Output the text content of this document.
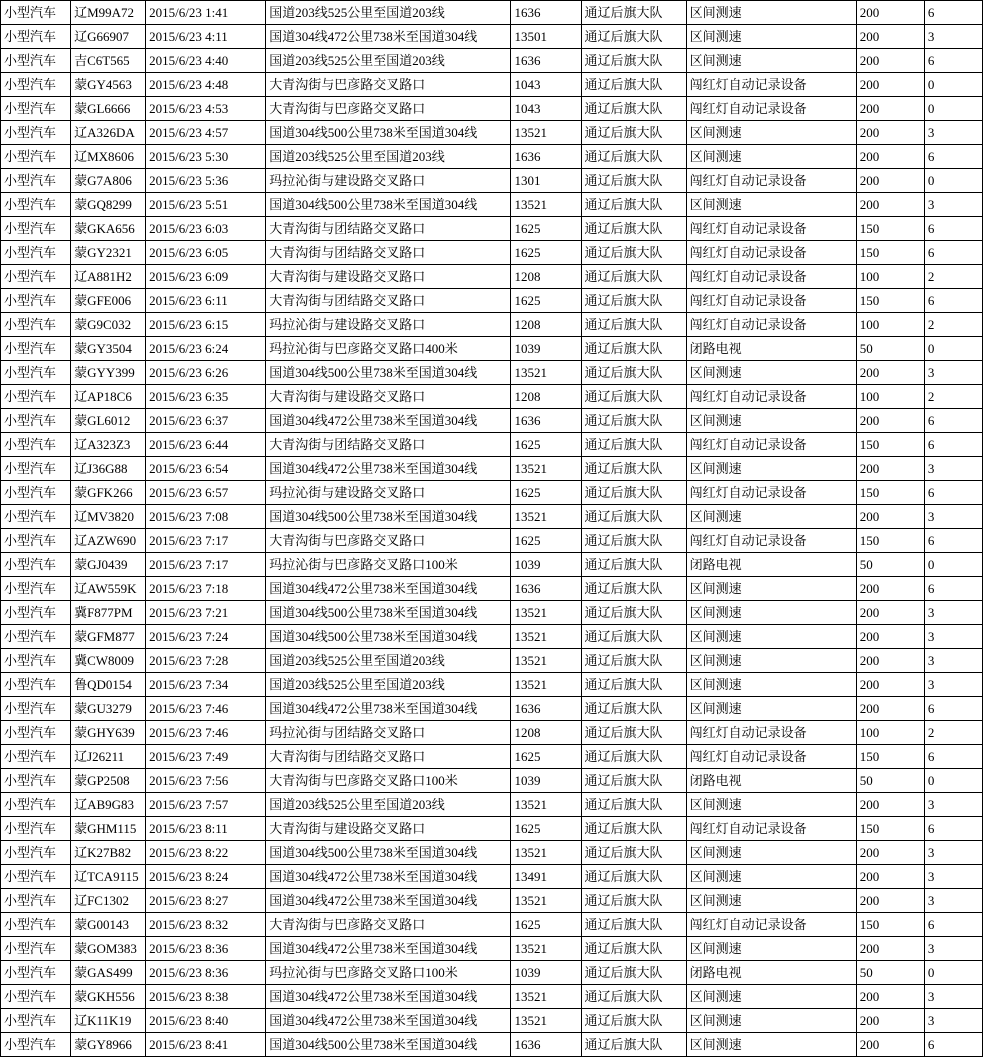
小型汽车	辽M99A72	2015/6/23 1:41	国道203线525公里至国道203线	1636	通辽后旗大队	区间测速	200	6
小型汽车	辽G66907	2015/6/23 4:11	国道304线472公里738米至国道304线	13501	通辽后旗大队	区间测速	200	3
小型汽车	吉C6T565	2015/6/23 4:40	国道203线525公里至国道203线	1636	通辽后旗大队	区间测速	200	6
小型汽车	蒙GY4563	2015/6/23 4:48	大青沟街与巴彦路交叉路口	1043	通辽后旗大队	闯红灯自动记录设备	200	0
小型汽车	蒙GL6666	2015/6/23 4:53	大青沟街与巴彦路交叉路口	1043	通辽后旗大队	闯红灯自动记录设备	200	0
小型汽车	辽A326DA	2015/6/23 4:57	国道304线500公里738米至国道304线	13521	通辽后旗大队	区间测速	200	3
小型汽车	辽MX8606	2015/6/23 5:30	国道203线525公里至国道203线	1636	通辽后旗大队	区间测速	200	6
小型汽车	蒙G7A806	2015/6/23 5:36	玛拉沁街与建设路交叉路口	1301	通辽后旗大队	闯红灯自动记录设备	200	0
小型汽车	蒙GQ8299	2015/6/23 5:51	国道304线500公里738米至国道304线	13521	通辽后旗大队	区间测速	200	3
小型汽车	蒙GKA656	2015/6/23 6:03	大青沟街与团结路交叉路口	1625	通辽后旗大队	闯红灯自动记录设备	150	6
小型汽车	蒙GY2321	2015/6/23 6:05	大青沟街与团结路交叉路口	1625	通辽后旗大队	闯红灯自动记录设备	150	6
小型汽车	辽A881H2	2015/6/23 6:09	大青沟街与建设路交叉路口	1208	通辽后旗大队	闯红灯自动记录设备	100	2
小型汽车	蒙GFE006	2015/6/23 6:11	大青沟街与团结路交叉路口	1625	通辽后旗大队	闯红灯自动记录设备	150	6
小型汽车	蒙G9C032	2015/6/23 6:15	玛拉沁街与建设路交叉路口	1208	通辽后旗大队	闯红灯自动记录设备	100	2
小型汽车	蒙GY3504	2015/6/23 6:24	玛拉沁街与巴彦路交叉路口400米	1039	通辽后旗大队	闭路电视	50	0
小型汽车	蒙GYY399	2015/6/23 6:26	国道304线500公里738米至国道304线	13521	通辽后旗大队	区间测速	200	3
小型汽车	辽AP18C6	2015/6/23 6:35	大青沟街与建设路交叉路口	1208	通辽后旗大队	闯红灯自动记录设备	100	2
小型汽车	蒙GL6012	2015/6/23 6:37	国道304线472公里738米至国道304线	1636	通辽后旗大队	区间测速	200	6
小型汽车	辽A323Z3	2015/6/23 6:44	大青沟街与团结路交叉路口	1625	通辽后旗大队	闯红灯自动记录设备	150	6
小型汽车	辽J36G88	2015/6/23 6:54	国道304线472公里738米至国道304线	13521	通辽后旗大队	区间测速	200	3
小型汽车	蒙GFK266	2015/6/23 6:57	玛拉沁街与建设路交叉路口	1625	通辽后旗大队	闯红灯自动记录设备	150	6
小型汽车	辽MV3820	2015/6/23 7:08	国道304线500公里738米至国道304线	13521	通辽后旗大队	区间测速	200	3
小型汽车	辽AZW690	2015/6/23 7:17	大青沟街与巴彦路交叉路口	1625	通辽后旗大队	闯红灯自动记录设备	150	6
小型汽车	蒙GJ0439	2015/6/23 7:17	玛拉沁街与巴彦路交叉路口100米	1039	通辽后旗大队	闭路电视	50	0
小型汽车	辽AW559K	2015/6/23 7:18	国道304线472公里738米至国道304线	1636	通辽后旗大队	区间测速	200	6
小型汽车	冀F877PM	2015/6/23 7:21	国道304线500公里738米至国道304线	13521	通辽后旗大队	区间测速	200	3
小型汽车	蒙GFM877	2015/6/23 7:24	国道304线500公里738米至国道304线	13521	通辽后旗大队	区间测速	200	3
小型汽车	冀CW8009	2015/6/23 7:28	国道203线525公里至国道203线	13521	通辽后旗大队	区间测速	200	3
小型汽车	鲁QD0154	2015/6/23 7:34	国道203线525公里至国道203线	13521	通辽后旗大队	区间测速	200	3
小型汽车	蒙GU3279	2015/6/23 7:46	国道304线472公里738米至国道304线	1636	通辽后旗大队	区间测速	200	6
小型汽车	蒙GHY639	2015/6/23 7:46	玛拉沁街与团结路交叉路口	1208	通辽后旗大队	闯红灯自动记录设备	100	2
小型汽车	辽J26211	2015/6/23 7:49	大青沟街与团结路交叉路口	1625	通辽后旗大队	闯红灯自动记录设备	150	6
小型汽车	蒙GP2508	2015/6/23 7:56	大青沟街与巴彦路交叉路口100米	1039	通辽后旗大队	闭路电视	50	0
小型汽车	辽AB9G83	2015/6/23 7:57	国道203线525公里至国道203线	13521	通辽后旗大队	区间测速	200	3
小型汽车	蒙GHM115	2015/6/23 8:11	大青沟街与建设路交叉路口	1625	通辽后旗大队	闯红灯自动记录设备	150	6
小型汽车	辽K27B82	2015/6/23 8:22	国道304线500公里738米至国道304线	13521	通辽后旗大队	区间测速	200	3
小型汽车	辽TCA9115	2015/6/23 8:24	国道304线472公里738米至国道304线	13491	通辽后旗大队	区间测速	200	3
小型汽车	辽FC1302	2015/6/23 8:27	国道304线472公里738米至国道304线	13521	通辽后旗大队	区间测速	200	3
小型汽车	蒙G00143	2015/6/23 8:32	大青沟街与巴彦路交叉路口	1625	通辽后旗大队	闯红灯自动记录设备	150	6
小型汽车	蒙GOM383	2015/6/23 8:36	国道304线472公里738米至国道304线	13521	通辽后旗大队	区间测速	200	3
小型汽车	蒙GAS499	2015/6/23 8:36	玛拉沁街与巴彦路交叉路口100米	1039	通辽后旗大队	闭路电视	50	0
小型汽车	蒙GKH556	2015/6/23 8:38	国道304线472公里738米至国道304线	13521	通辽后旗大队	区间测速	200	3
小型汽车	辽K11K19	2015/6/23 8:40	国道304线472公里738米至国道304线	13521	通辽后旗大队	区间测速	200	3
小型汽车	蒙GY8966	2015/6/23 8:41	国道304线500公里738米至国道304线	1636	通辽后旗大队	区间测速	200	6
